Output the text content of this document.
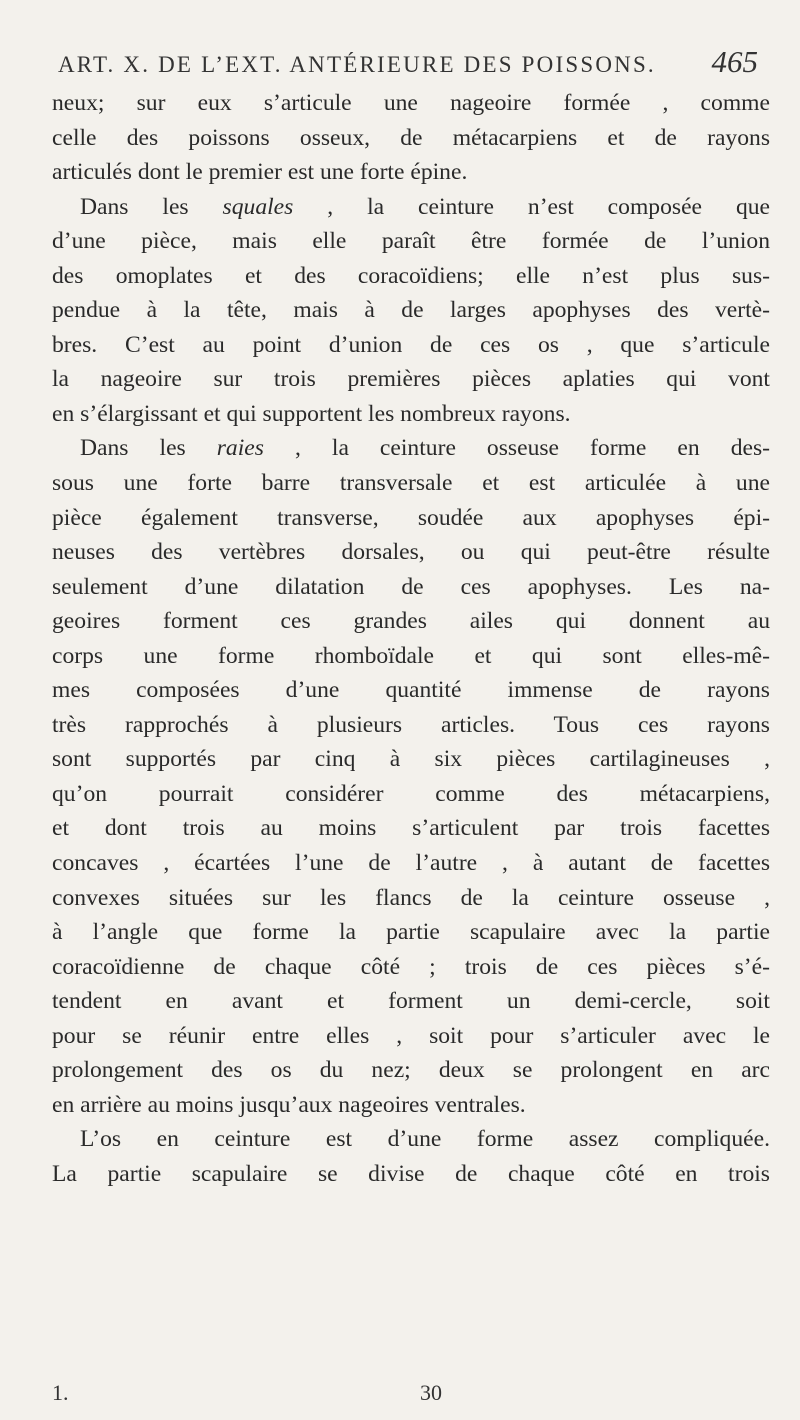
ART. X. DE L’EXT. ANTÉRIEURE DES POISSONS. 465
neux; sur eux s’articule une nageoire formée , comme
celle des poissons osseux, de métacarpiens et de rayons
articulés dont le premier est une forte épine.
Dans les squales , la ceinture n’est composée que
d’une pièce, mais elle paraît être formée de l’union
des omoplates et des coracoïdiens; elle n’est plus sus-
pendue à la tête, mais à de larges apophyses des vertè-
bres. C’est au point d’union de ces os , que s’articule
la nageoire sur trois premières pièces aplaties qui vont
en s’élargissant et qui supportent les nombreux rayons.
Dans les raies , la ceinture osseuse forme en des-
sous une forte barre transversale et est articulée à une
pièce également transverse, soudée aux apophyses épi-
neuses des vertèbres dorsales, ou qui peut-être résulte
seulement d’une dilatation de ces apophyses. Les na-
geoires forment ces grandes ailes qui donnent au
corps une forme rhomboïdale et qui sont elles-mê-
mes composées d’une quantité immense de rayons
très rapprochés à plusieurs articles. Tous ces rayons
sont supportés par cinq à six pièces cartilagineuses ,
qu’on pourrait considérer comme des métacarpiens,
et dont trois au moins s’articulent par trois facettes
concaves , écartées l’une de l’autre , à autant de facettes
convexes situées sur les flancs de la ceinture osseuse ,
à l’angle que forme la partie scapulaire avec la partie
coracoïdienne de chaque côté ; trois de ces pièces s’é-
tendent en avant et forment un demi-cercle, soit
pour se réunir entre elles , soit pour s’articuler avec le
prolongement des os du nez; deux se prolongent en arc
en arrière au moins jusqu’aux nageoires ventrales.
L’os en ceinture est d’une forme assez compliquée.
La partie scapulaire se divise de chaque côté en trois
1.	30
